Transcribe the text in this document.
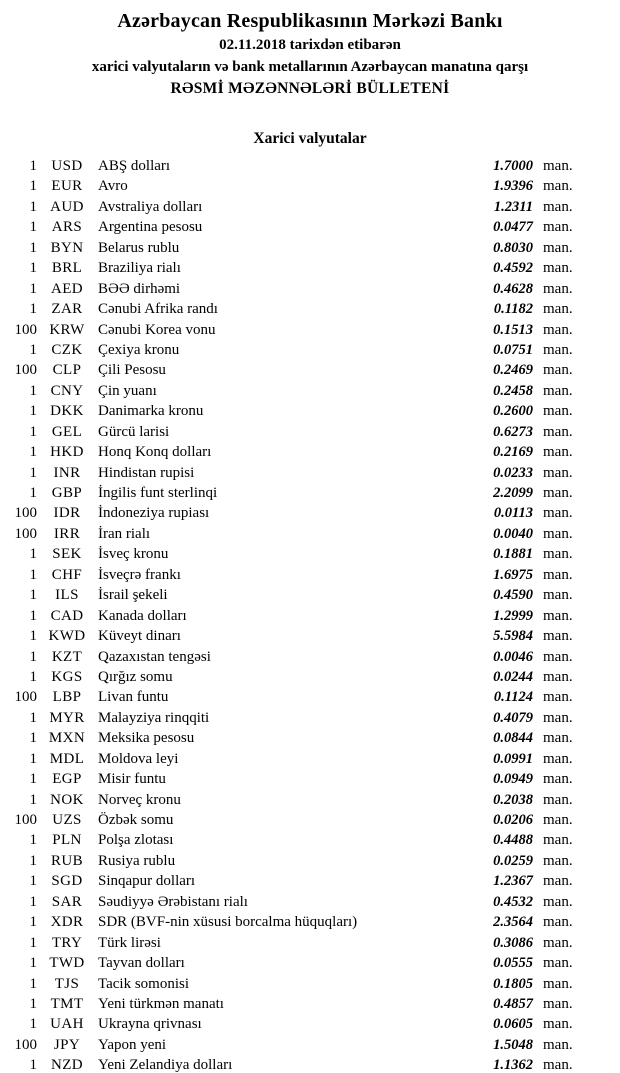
Azərbaycan Respublikasının Mərkəzi Bankı
02.11.2018 tarixdən etibarən
xarici valyutaların və bank metallarının Azərbaycan manatına qarşı
RƏSMİ MƏZƏNNƏLƏRİ BÜLLETENİ
Xarici valyutalar
1 USD	ABŞ dolları	1.7000 man.
1 EUR	Avro	1.9396 man.
1 AUD Avstraliya dolları	1.2311 man.
1 ARS	Argentina pesosu	0.0477 man.
1 BYN Belarus rublu	0.8030 man.
1 BRL	Braziliya rialı	0.4592 man.
1 AED BƏƏ dirhəmi	0.4628 man.
1 ZAR	Cənubi Afrika randı	0.1182 man.
100 KRW Cənubi Korea vonu	0.1513 man.
1 CZK	Çexiya kronu	0.0751 man.
100	CLP	Çili Pesosu	0.2469 man.
1 CNY Çin yuanı	0.2458 man.
1 DKK Danimarka kronu	0.2600 man.
1 GEL	Gürcü larisi	0.6273 man.
1 HKD Honq Konq dolları	0.2169 man.
1	INR	Hindistan rupisi	0.0233 man.
1 GBP	İngilis funt sterlinqi	2.2099 man.
100	IDR	İndoneziya rupiası	0.0113 man.
100	IRR	İran rialı	0.0040 man.
1	SEK	İsveç kronu	0.1881 man.
1 CHF	İsveçrə frankı	1.6975 man.
1	ILS	İsrail şekeli	0.4590 man.
1 CAD Kanada dolları	1.2999 man.
1 KWD Küveyt dinarı	5.5984 man.
1 KZT	Qazaxıstan tengəsi	0.0046 man.
1 KGS	Qırğız somu	0.0244 man.
100	LBP	Livan funtu	0.1124 man.
1 MYR Malayziya rinqqiti	0.4079 man.
1 MXN Meksika pesosu	0.0844 man.
1 MDL Moldova leyi	0.0991 man.
1	EGP	Misir funtu	0.0949 man.
1 NOK Norveç kronu	0.2038 man.
100	UZS	Özbək somu	0.0206 man.
1	PLN	Polşa zlotası	0.4488 man.
1 RUB Rusiya rublu	0.0259 man.
1 SGD	Sinqapur dolları	1.2367 man.
1 SAR	Səudiyyə Ərəbistanı rialı	0.4532 man.
1 XDR SDR (BVF-nin xüsusi borcalma hüquqları)	2.3564 man.
1 TRY	Türk lirəsi	0.3086 man.
1 TWD Tayvan dolları	0.0555 man.
1	TJS	Tacik somonisi	0.1805 man.
1 TMT Yeni türkmən manatı	0.4857 man.
1 UAH Ukrayna qrivnası	0.0605 man.
100	JPY	Yapon yeni	1.5048 man.
1 NZD Yeni Zelandiya dolları	1.1362 man.
